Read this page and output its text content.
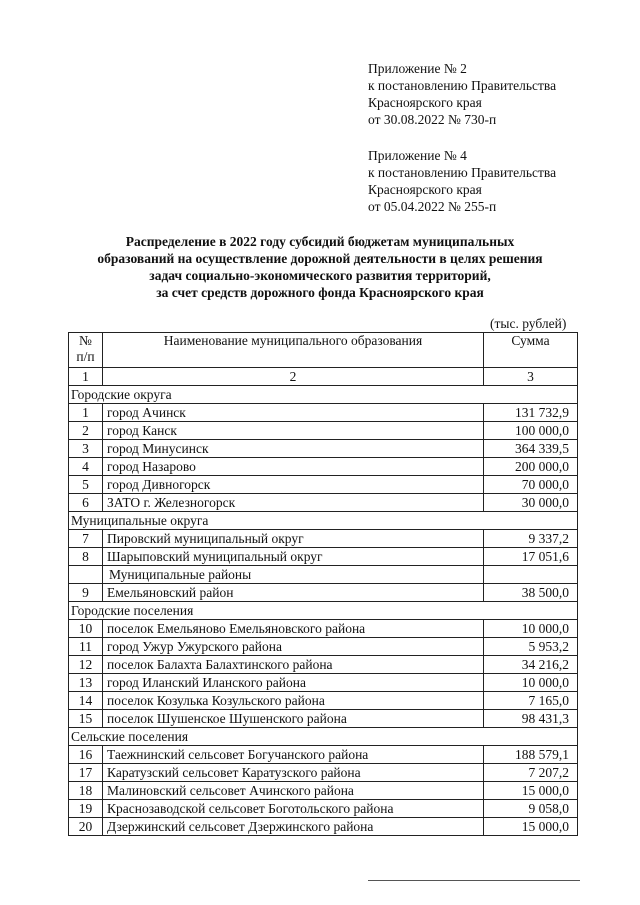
Приложение № 2
к постановлению Правительства
Красноярского края
от 30.08.2022 № 730-п
Приложение № 4
к постановлению Правительства
Красноярского края
от 05.04.2022 № 255-п
Распределение в 2022 году субсидий бюджетам муниципальных
образований на осуществление дорожной деятельности в целях решения
задач социально-экономического развития территорий,
за счет средств дорожного фонда Красноярского края
(тыс. рублей)
№
п/п	Наименование муниципального образования	Сумма
1	2	3
Городские округа		
1	город Ачинск	131 732,9
2	город Канск	100 000,0
3	город Минусинск	364 339,5
4	город Назарово	200 000,0
5	город Дивногорск	70 000,0
6	ЗАТО г. Железногорск	30 000,0
Муниципальные округа		
7	Пировский муниципальный округ	9 337,2
8	Шарыповский муниципальный округ	17 051,6
	Муниципальные районы	
9	Емельяновский район	38 500,0
Городские поселения		
10	поселок Емельяново Емельяновского района	10 000,0
11	город Ужур Ужурского района	5 953,2
12	поселок Балахта Балахтинского района	34 216,2
13	город Иланский Иланского района	10 000,0
14	поселок Козулька Козульского района	7 165,0
15	поселок Шушенское Шушенского района	98 431,3
Сельские поселения		
16	Таежнинский сельсовет Богучанского района	188 579,1
17	Каратузский сельсовет Каратузского района	7 207,2
18	Малиновский сельсовет Ачинского района	15 000,0
19	Краснозаводской сельсовет Боготольского района	9 058,0
20	Дзержинский сельсовет Дзержинского района	15 000,0
